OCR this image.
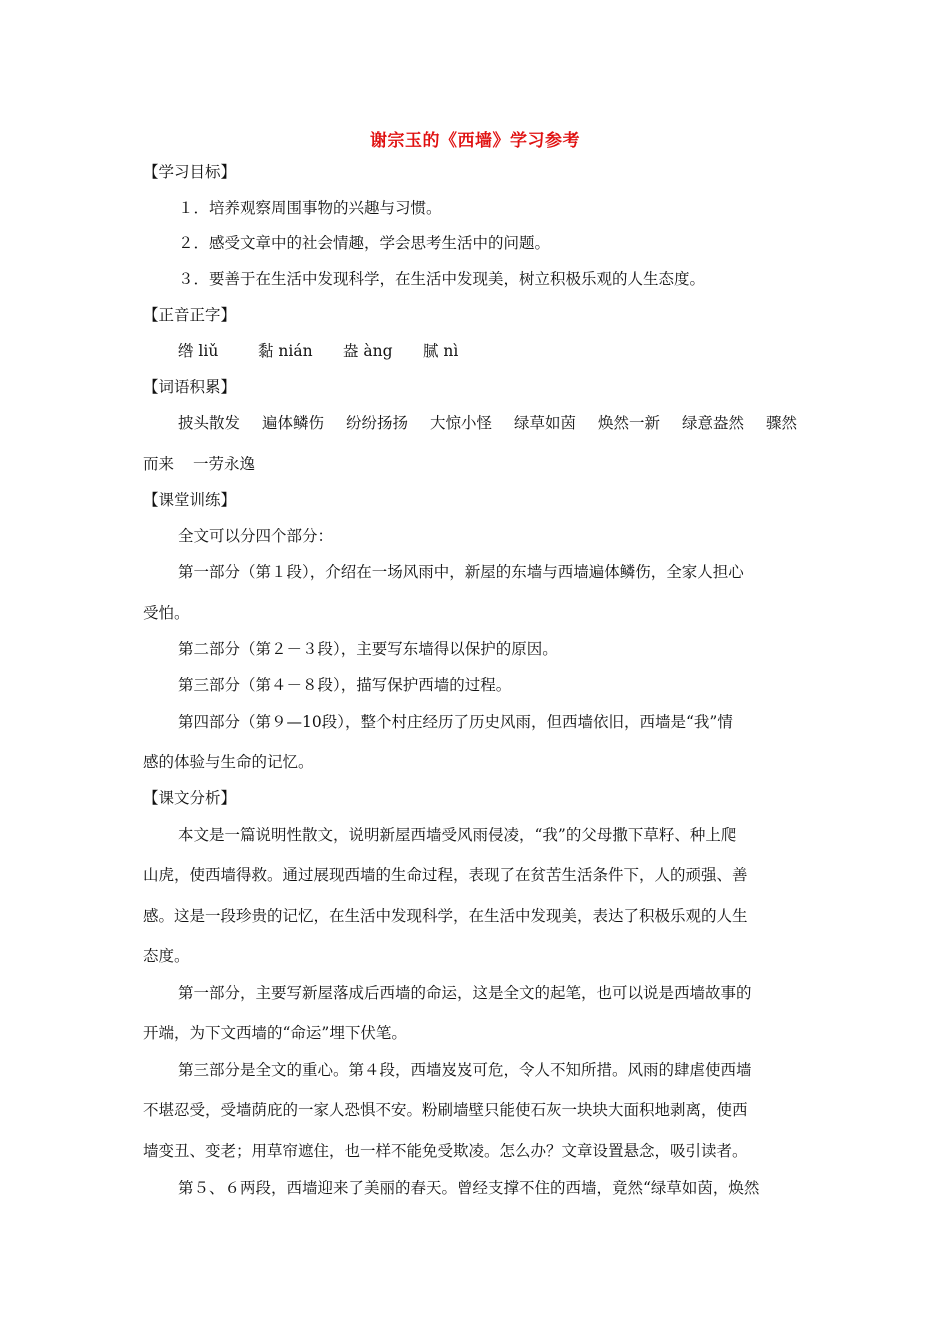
谢宗玉的《西墙》学习参考
【学习目标】
１．培养观察周围事物的兴趣与习惯。
２．感受文章中的社会情趣，学会思考生活中的问题。
３．要善于在生活中发现科学，在生活中发现美，树立积极乐观的人生态度。
【正音正字】
绺 liǔ	黏 nián 盎 àng 腻 nì
【词语积累】
披头散发 遍体鳞伤 纷纷扬扬 大惊小怪 绿草如茵 焕然一新 绿意盎然 骤然
而来 一劳永逸
【课堂训练】
全文可以分四个部分：
第一部分（第１段），介绍在一场风雨中，新屋的东墙与西墙遍体鳞伤，全家人担心
受怕。
第二部分（第２－３段），主要写东墙得以保护的原因。
第三部分（第４－８段），描写保护西墙的过程。
第四部分（第９—10段），整个村庄经历了历史风雨，但西墙依旧，西墙是“我”情
感的体验与生命的记忆。
【课文分析】
本文是一篇说明性散文，说明新屋西墙受风雨侵凌，“我”的父母撒下草籽、种上爬
山虎，使西墙得救。通过展现西墙的生命过程，表现了在贫苦生活条件下，人的顽强、善
感。这是一段珍贵的记忆，在生活中发现科学，在生活中发现美，表达了积极乐观的人生
态度。
第一部分，主要写新屋落成后西墙的命运，这是全文的起笔，也可以说是西墙故事的
开端，为下文西墙的“命运”埋下伏笔。
第三部分是全文的重心。第４段，西墙岌岌可危，令人不知所措。风雨的肆虐使西墙
不堪忍受，受墙荫庇的一家人恐惧不安。粉刷墙壁只能使石灰一块块大面积地剥离，使西
墙变丑、变老；用草帘遮住，也一样不能免受欺凌。怎么办？文章设置悬念，吸引读者。
第５、６两段，西墙迎来了美丽的春天。曾经支撑不住的西墙，竟然“绿草如茵，焕然
